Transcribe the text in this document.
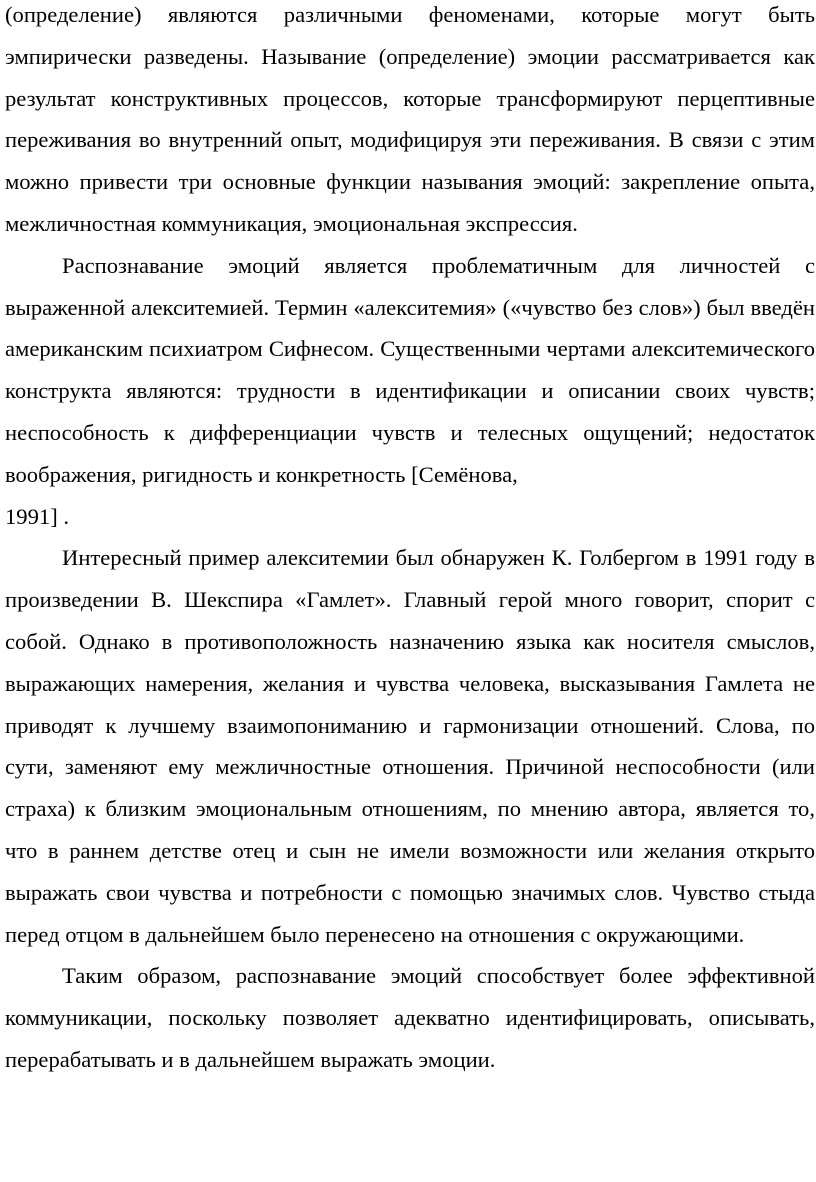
(определение) являются различными феноменами, которые могут быть эмпирически разведены. Называние (определение) эмоции рассматривается как результат конструктивных процессов, которые трансформируют перцептивные переживания во внутренний опыт, модифицируя эти переживания. В связи с этим можно привести три основные функции называния эмоций: закрепление опыта, межличностная коммуникация, эмоциональная экспрессия.

Распознавание эмоций является проблематичным для личностей с выраженной алекситемией. Термин «алекситемия» («чувство без слов») был введён американским психиатром Сифнесом. Существенными чертами алекситемического конструкта являются: трудности в идентификации и описании своих чувств; неспособность к дифференциации чувств и телесных ощущений; недостаток воображения, ригидность и конкретность [Семёнова,
1991] .

Интересный пример алекситемии был обнаружен К. Голбергом в 1991 году в произведении В. Шекспира «Гамлет». Главный герой много говорит, спорит с собой. Однако в противоположность назначению языка как носителя смыслов, выражающих намерения, желания и чувства человека, высказывания Гамлета не приводят к лучшему взаимопониманию и гармонизации отношений. Слова, по сути, заменяют ему межличностные отношения. Причиной неспособности (или страха) к близким эмоциональным отношениям, по мнению автора, является то, что в раннем детстве отец и сын не имели возможности или желания открыто выражать свои чувства и потребности с помощью значимых слов. Чувство стыда перед отцом в дальнейшем было перенесено на отношения с окружающими.

Таким образом, распознавание эмоций способствует более эффективной коммуникации, поскольку позволяет адекватно идентифицировать, описывать, перерабатывать и в дальнейшем выражать эмоции.
